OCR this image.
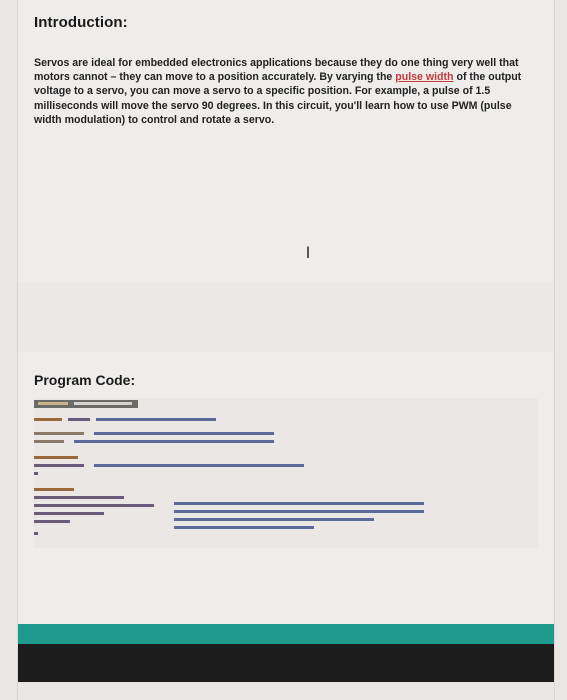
Introduction:
Servos are ideal for embedded electronics applications because they do one thing very well that motors cannot – they can move to a position accurately. By varying the pulse width of the output voltage to a servo, you can move a servo to a specific position. For example, a pulse of 1.5 milliseconds will move the servo 90 degrees. In this circuit, you'll learn how to use PWM (pulse width modulation) to control and rotate a servo.
I
Program Code:
